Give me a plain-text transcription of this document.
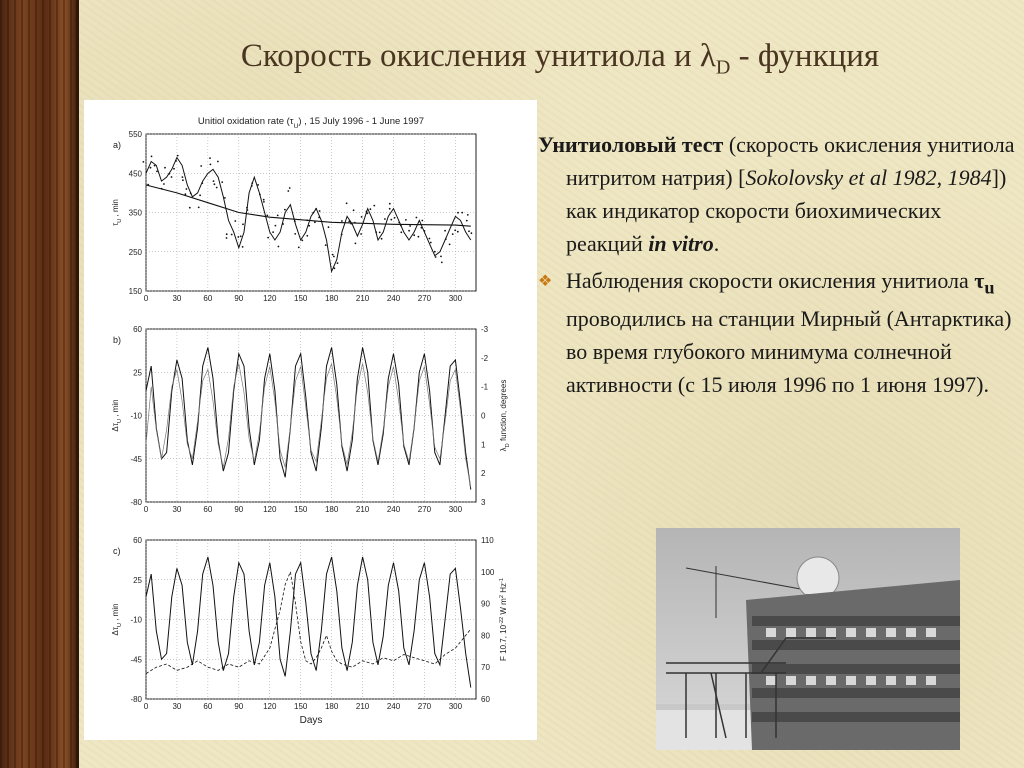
Скорость окисления унитиола и $\lambda_D$ - функция
0	30	60	90 120 150 180 210 240 270 300
150
250
350
450
550
a)
$\tau_U$ , min
Unitiol oxidation rate $(\tau_U)$ , 15 July 1996 - 1 June 1997
0	30	60	90 120 150 180 210 240 270 300
60
25
-10
-45
-80
-3
-2
-1
0
1
2
3
b)
$\Delta\tau_U$ , min
$\lambda_D$ function, degrees
0	30	60	90 120 150 180 210 240 270 300
60
25
-10
-45
-80	60
70
80
90
100
110
c)
$\Delta\tau_U$ , min
F 10.7, $10^{-22}$ W $m^2$ $Hz^{-1}$
Days
Унитиоловый тест (скорость окисления унитиола нитритом натрия) [Sokolovsky et al 1982, 1984]) как индикатор скорости биохимических реакций in vitro.
❖ Наблюдения скорости окисления унитиола $\tau_u$ проводились на станции Мирный (Антарктика) во время глубокого минимума солнечной активности (с 15 июля 1996 по 1 июня 1997).
